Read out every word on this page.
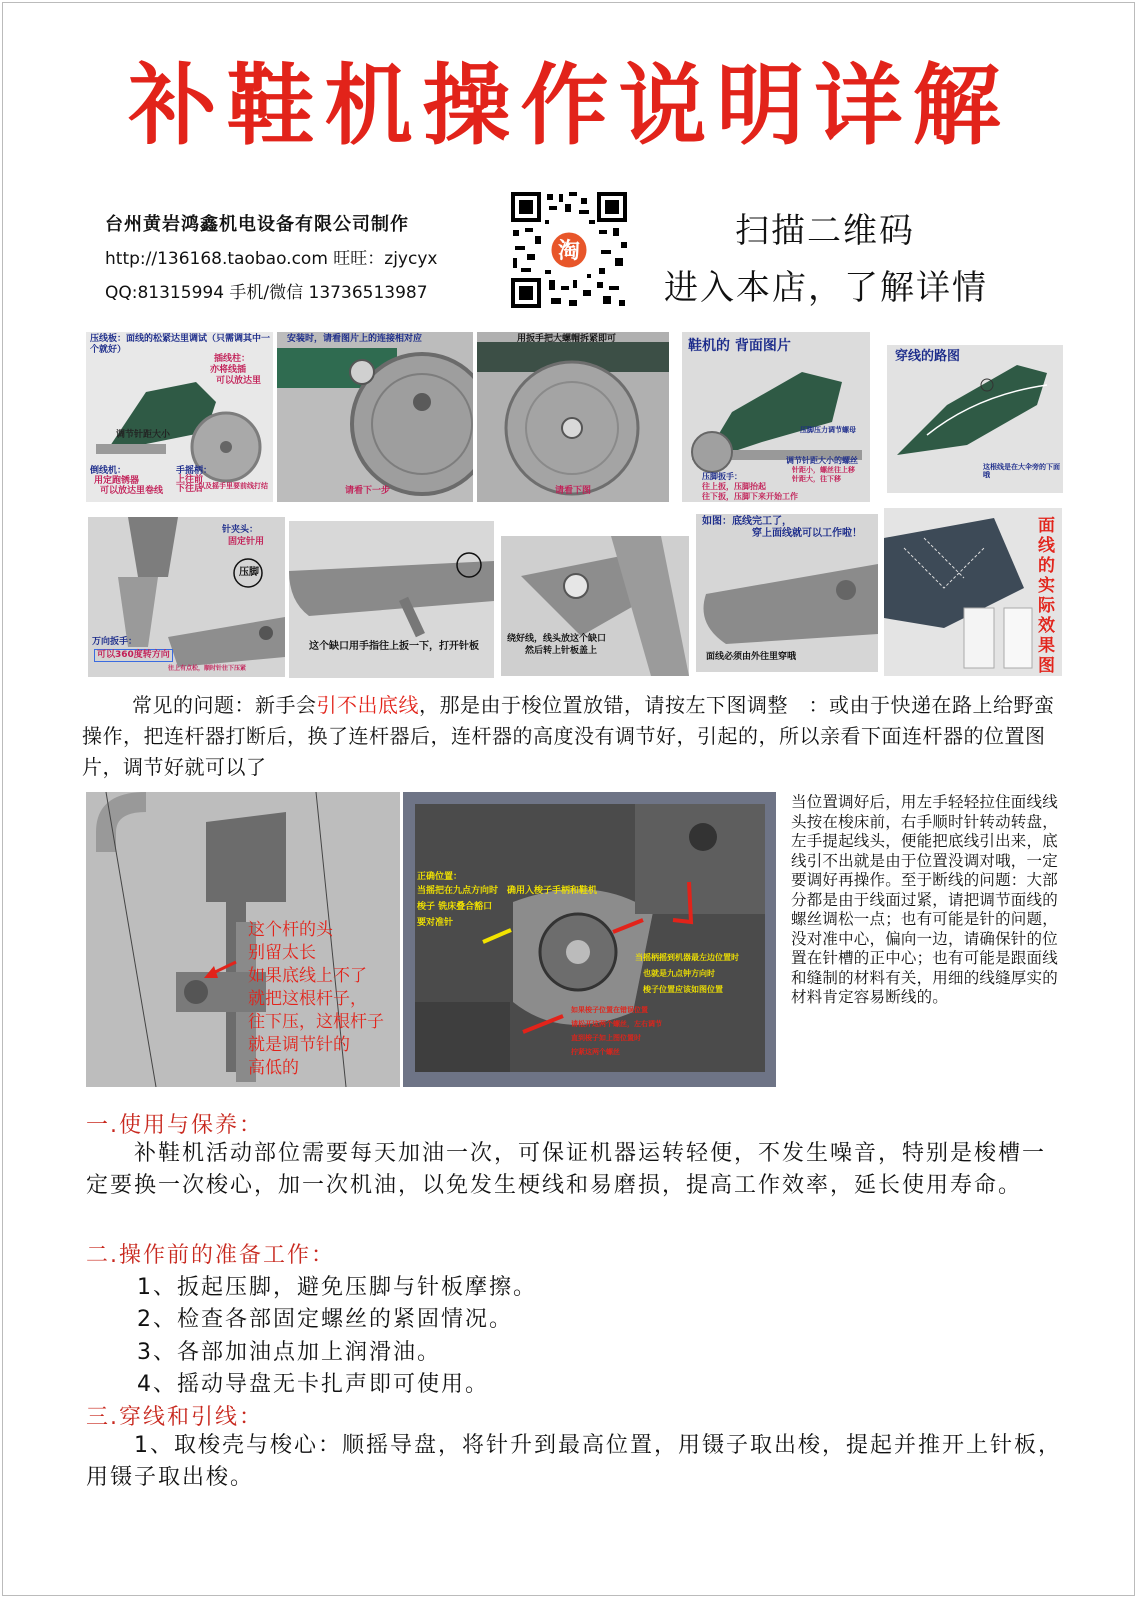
补鞋机操作说明详解
台州黄岩鸿鑫机电设备有限公司制作
http://136168.taobao.com 旺旺：zjycyx
QQ:81315994 手机/微信 13736513987
淘
扫描二维码
进入本店，了解详情
压线板：面线的松紧达里调试（只需调其中一个就好）
插线柱：
亦将线插
可以放达里
调节针距大小
倒线机：
用定跑锈器
可以放达里卷线
手摇柄：
上往前
下往后
以及摇手里要前线打结
安装时，请看图片上的连接相对应
请看下一步
用扳手把大螺帽拆紧即可
请看下图
鞋机的 背面图片
压脚压力调节螺母
调节针距大小的螺丝
针距小，螺丝往上移
针距大，往下移
压脚扳手：
往上扳，压脚抬起
往下扳，压脚下来开始工作
穿线的路图
这根线是在大伞旁的下面哦
针夹头：
固定针用
压脚
万向扳手：
可以360度转方向
往上有点松，顺时针往下压紧
这个缺口用手指往上扳一下，打开针板
绕好线，线头放这个缺口
然后转上针板盖上
如图：底线完工了，
穿上面线就可以工作啦！
面线必须由外往里穿哦
面线的实际效果图
常见的问题：新手会引不出底线，那是由于梭位置放错，请按左下图调整　：或由于快递在路上给野蛮操作，把连杆器打断后，换了连杆器后，连杆器的高度没有调节好，引起的，所以亲看下面连杆器的位置图片，调节好就可以了
这个杆的头
别留太长
如果底线上不了
就把这根杆子，
往下压，这根杆子
就是调节针的
高低的
正确位置：
当摇把在九点方向时　确用入梭子手柄和鞋机
梭子 铣床叠合豁口
要对准针
当摇柄摇到机器最左边位置时
也就是九点钟方向时
梭子位置应该如图位置
如果梭子位置在错误位置
请松开这两个螺丝，左右调节
直到梭子如上图位置时
拧紧这两个螺丝
当位置调好后，用左手轻轻拉住面线线头按在梭床前，右手顺时针转动转盘，左手提起线头，便能把底线引出来，底线引不出就是由于位置没调对哦，一定要调好再操作。至于断线的问题：大部分都是由于线面过紧，请把调节面线的螺丝调松一点；也有可能是针的问题，没对准中心，偏向一边，请确保针的位置在针槽的正中心；也有可能是跟面线和缝制的材料有关，用细的线缝厚实的材料肯定容易断线的。
一.使用与保养：
　　补鞋机活动部位需要每天加油一次，可保证机器运转轻便，不发生噪音，特别是梭槽一定要换一次梭心，加一次机油，以免发生梗线和易磨损，提高工作效率，延长使用寿命。
二.操作前的准备工作：
1、扳起压脚，避免压脚与针板摩擦。
2、检查各部固定螺丝的紧固情况。
3、各部加油点加上润滑油。
4、摇动导盘无卡扎声即可使用。
三.穿线和引线：
　　1、取梭壳与梭心：顺摇导盘，将针升到最高位置，用镊子取出梭，提起并推开上针板，用镊子取出梭。
